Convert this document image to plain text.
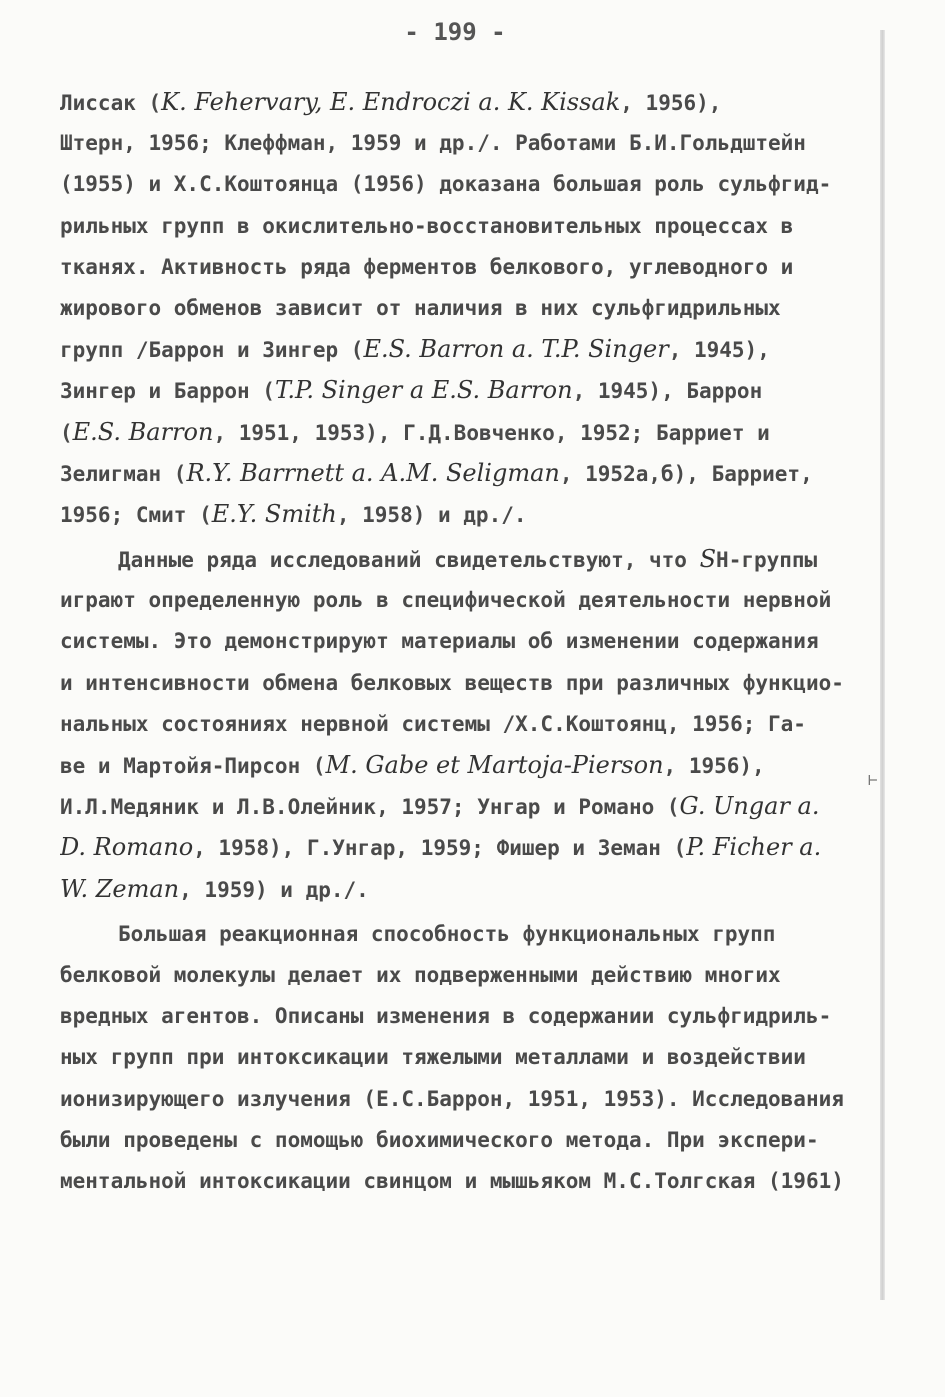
- 199 -
⊢
Лиссак (K. Fehervary, E. Endroczi a. K. Kissak, 1956),
Штерн, 1956; Клеффман, 1959 и др./. Работами Б.И.Гольдштейн
(1955) и Х.С.Коштоянца (1956) доказана большая роль сульфгид-
рильных групп в окислительно-восстановительных процессах в
тканях. Активность ряда ферментов белкового, углеводного и
жирового обменов зависит от наличия в них сульфгидрильных
групп /Баррон и Зингер (E.S. Barron a. T.P. Singer, 1945),
Зингер и Баррон (T.P. Singer a E.S. Barron, 1945), Баррон
(E.S. Barron, 1951, 1953), Г.Д.Вовченко, 1952; Барриет и
Зелигман (R.Y. Barrnett a. A.M. Seligman, 1952а,б), Барриет,
1956; Смит (E.Y. Smith, 1958) и др./.
Данные ряда исследований свидетельствуют, что SН-группы
играют определенную роль в специфической деятельности нервной
системы. Это демонстрируют материалы об изменении содержания
и интенсивности обмена белковых веществ при различных функцио-
нальных состояниях нервной системы /Х.С.Коштоянц, 1956; Га-
ве и Мартойя-Пирсон (M. Gabe et Martoja-Pierson, 1956),
И.Л.Медяник и Л.В.Олейник, 1957; Унгар и Романо (G. Ungar a.
D. Romano, 1958), Г.Унгар, 1959; Фишер и Земан (P. Ficher a.
W. Zeman, 1959) и др./.
Большая реакционная способность функциональных групп
белковой молекулы делает их подверженными действию многих
вредных агентов. Описаны изменения в содержании сульфгидриль-
ных групп при интоксикации тяжелыми металлами и воздействии
ионизирующего излучения (Е.С.Баррон, 1951, 1953). Исследования
были проведены с помощью биохимического метода. При экспери-
ментальной интоксикации свинцом и мышьяком М.С.Толгская (1961)
